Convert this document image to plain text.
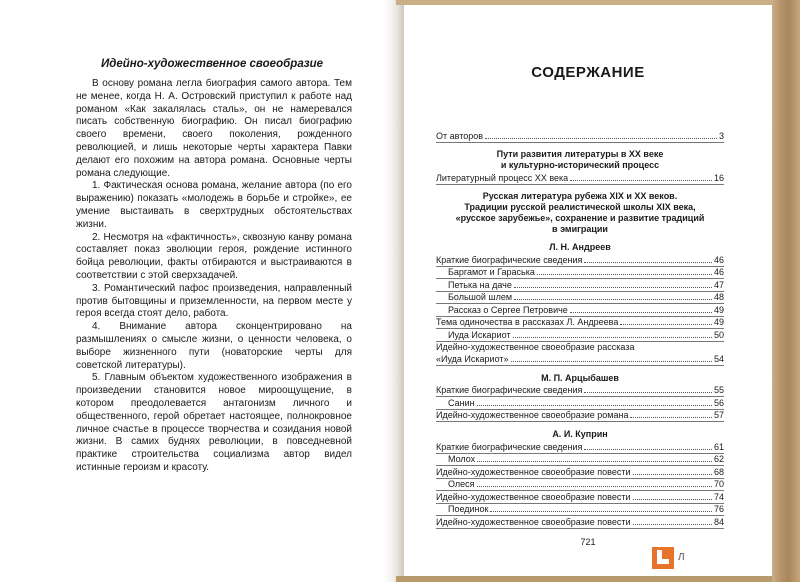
Идейно-художественное своеобразие

В основу романа легла биография самого автора. Тем не менее, когда Н. А. Островский приступил к работе над романом «Как закалялась сталь», он не намеревался писать собственную биографию. Он писал биографию своего времени, своего поколения, рожденного революцией, и лишь некоторые черты характера Павки делают его похожим на автора романа. Основные черты романа следующие.

1. Фактическая основа романа, желание автора (по его выражению) показать «молодежь в борьбе и стройке», ее умение выстаивать в сверхтрудных обстоятельствах жизни.

2. Несмотря на «фактичность», сквозную канву романа составляет показ эволюции героя, рождение истинного бойца революции, факты отбираются и выстраиваются в соответствии с этой сверхзадачей.

3. Романтический пафос произведения, направленный против бытовщины и приземленности, на первом месте у героя всегда стоят дело, работа.

4. Внимание автора сконцентрировано на размышлениях о смысле жизни, о ценности человека, о выборе жизненного пути (новаторские черты для советской литературы).

5. Главным объектом художественного изображения в произведении становится новое мироощущение, в котором преодолевается антагонизм личного и общественного, герой обретает настоящее, полнокровное личное счастье в процессе творчества и созидания новой жизни. В самих буднях революции, в повседневной практике строительства социализма автор видел истинные героизм и красоту.

СОДЕРЖАНИЕ
От авторов	3
Пути развития литературы в XX веке
и культурно-исторический процесс
Литературный процесс XX века	16
Русская литература рубежа XIX и XX веков.
Традиции русской реалистической школы XIX века,
«русское зарубежье», сохранение и развитие традиций
в эмиграции
Л. Н. Андреев
Краткие биографические сведения	46
Баргамот и Гараська	46
Петька на даче	47
Большой шлем	48
Рассказ о Сергее Петровиче	49
Тема одиночества в рассказах Л. Андреева	49
Иуда Искариот	50
Идейно-художественное своеобразие рассказа
«Иуда Искариот»	54
М. П. Арцыбашев
Краткие биографические сведения	55
Санин	56
Идейно-художественное своеобразие романа	57
А. И. Куприн
Краткие биографические сведения	61
Молох	62
Идейно-художественное своеобразие повести	68
Олеся	70
Идейно-художественное своеобразие повести	74
Поединок	76
Идейно-художественное своеобразие повести	84
721
Л
